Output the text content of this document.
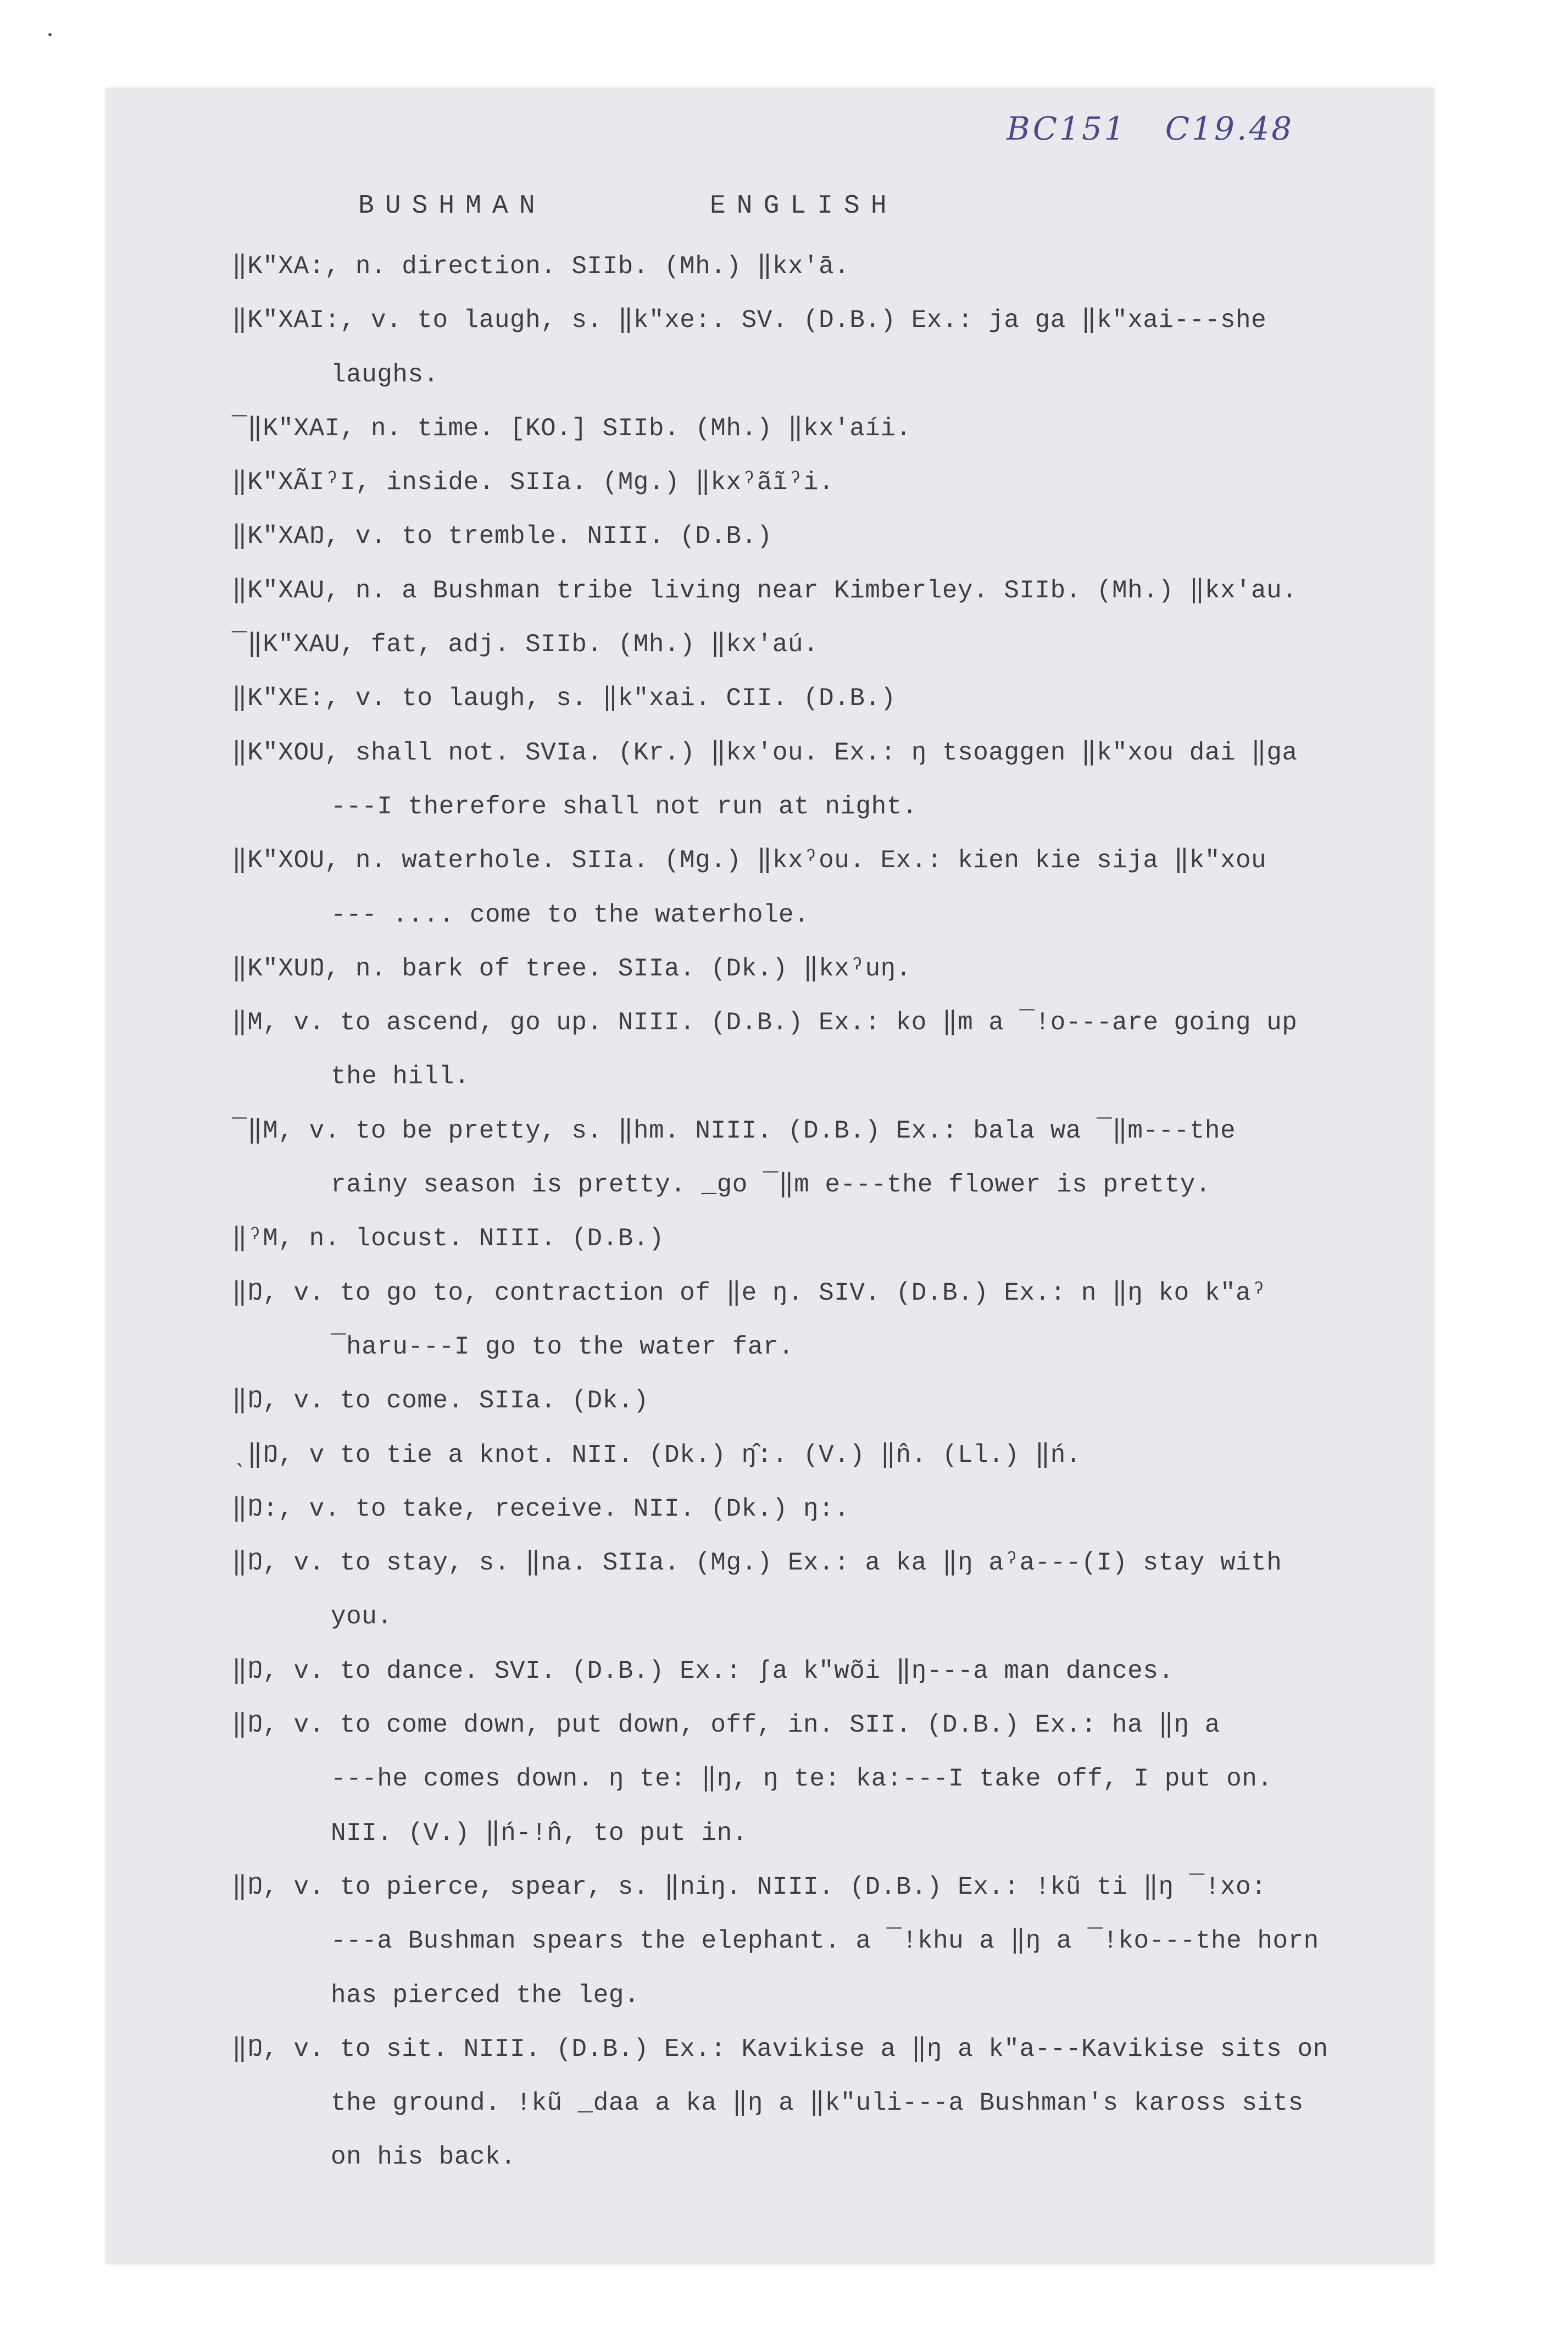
BC151 C19.48
BUSHMAN	ENGLISH
‖K"XA:, n. direction. SIIb. (Mh.) ‖kx'ā.
‖K"XAI:, v. to laugh, s. ‖k"xe:. SV. (D.B.) Ex.: ja ga ‖k"xai---she
laughs.
¯‖K"XAI, n. time. [KO.] SIIb. (Mh.) ‖kx'aíi.
‖K"XÃIˀI, inside. SIIa. (Mg.) ‖kxˀãĩˀi.
‖K"XAŊ, v. to tremble. NIII. (D.B.)
‖K"XAU, n. a Bushman tribe living near Kimberley. SIIb. (Mh.) ‖kx'au.
¯‖K"XAU, fat, adj. SIIb. (Mh.) ‖kx'aú.
‖K"XE:, v. to laugh, s. ‖k"xai. CII. (D.B.)
‖K"XOU, shall not. SVIa. (Kr.) ‖kx'ou. Ex.: ŋ tsoaggen ‖k"xou dai ‖ga
---I therefore shall not run at night.
‖K"XOU, n. waterhole. SIIa. (Mg.) ‖kxˀou. Ex.: kien kie sija ‖k"xou
--- .... come to the waterhole.
‖K"XUŊ, n. bark of tree. SIIa. (Dk.) ‖kxˀuŋ.
‖M, v. to ascend, go up. NIII. (D.B.) Ex.: ko ‖m a ¯!o---are going up
the hill.
¯‖M, v. to be pretty, s. ‖hm. NIII. (D.B.) Ex.: bala wa ¯‖m---the
rainy season is pretty. _go ¯‖m e---the flower is pretty.
‖ˀM, n. locust. NIII. (D.B.)
‖Ŋ, v. to go to, contraction of ‖e ŋ. SIV. (D.B.) Ex.: n ‖ŋ ko k"aˀ
¯haru---I go to the water far.
‖Ŋ, v. to come. SIIa. (Dk.)
ˎ‖Ŋ, v to tie a knot. NII. (Dk.) ŋ̂:. (V.) ‖n̂. (Ll.) ‖ń.
‖Ŋ:, v. to take, receive. NII. (Dk.) ŋ:.
‖Ŋ, v. to stay, s. ‖na. SIIa. (Mg.) Ex.: a ka ‖ŋ aˀa---(I) stay with
you.
‖Ŋ, v. to dance. SVI. (D.B.) Ex.: ʃa k"wõi ‖ŋ---a man dances.
‖Ŋ, v. to come down, put down, off, in. SII. (D.B.) Ex.: ha ‖ŋ a
---he comes down. ŋ te: ‖ŋ, ŋ te: ka:---I take off, I put on.
NII. (V.) ‖ń-!n̂, to put in.
‖Ŋ, v. to pierce, spear, s. ‖niŋ. NIII. (D.B.) Ex.: !kũ ti ‖ŋ ¯!xo:
---a Bushman spears the elephant. a ¯!khu a ‖ŋ a ¯!ko---the horn
has pierced the leg.
‖Ŋ, v. to sit. NIII. (D.B.) Ex.: Kavikise a ‖ŋ a k"a---Kavikise sits on
the ground. !kũ _daa a ka ‖ŋ a ‖k"uli---a Bushman's kaross sits
on his back.
